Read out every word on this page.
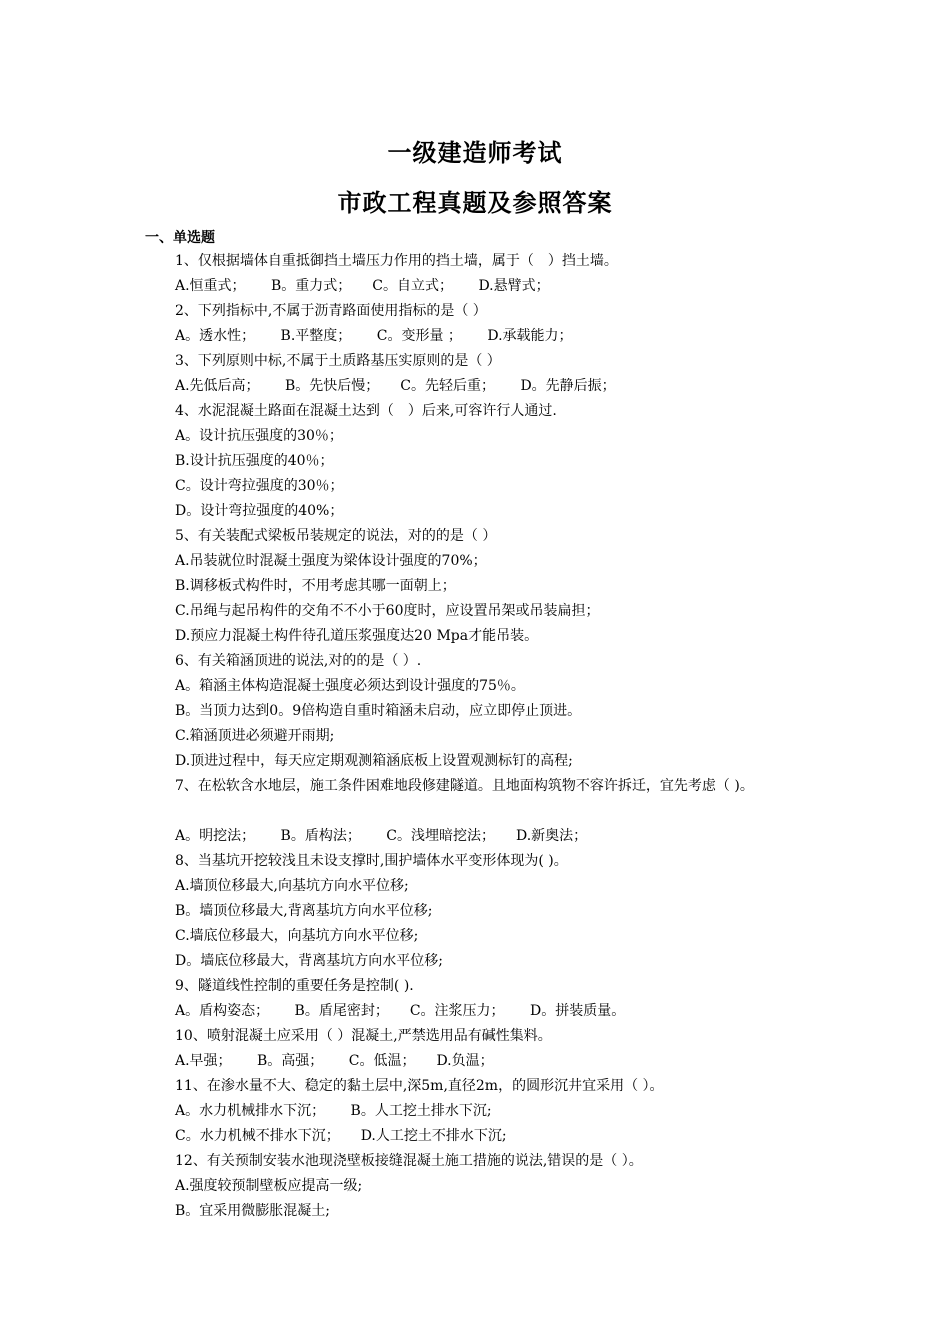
一级建造师考试
市政工程真题及参照答案
一、单选题
1、仅根据墙体自重抵御挡土墙压力作用的挡土墙，属于（　）挡土墙。
A.恒重式；　　 B。重力式；　　C。自立式；　　 D.悬臂式；
2、下列指标中,不属于沥青路面使用指标的是（ ）
A。透水性；　　 B.平整度；　　 C。变形量 ；　　 D.承载能力；
3、下列原则中标,不属于土质路基压实原则的是（ ）
A.先低后高；　　 B。先快后慢；　　C。先轻后重；　　 D。先静后振；
4、水泥混凝土路面在混凝土达到（　）后来,可容许行人通过.
A。设计抗压强度的30％；
B.设计抗压强度的40％；
C。设计弯拉强度的30％；
D。设计弯拉强度的40%；
5、有关装配式梁板吊装规定的说法，对的的是（ ）
A.吊装就位时混凝土强度为梁体设计强度的70%；
B.调移板式构件时，不用考虑其哪一面朝上；
C.吊绳与起吊构件的交角不不小于60度时，应设置吊架或吊装扁担；
D.预应力混凝土构件待孔道压浆强度达20 Mpa才能吊装。
6、有关箱涵顶进的说法,对的的是（ ）.
A。箱涵主体构造混凝土强度必须达到设计强度的75％。
B。当顶力达到0。9倍构造自重时箱涵未启动，应立即停止顶进。
C.箱涵顶进必须避开雨期;
D.顶进过程中，每天应定期观测箱涵底板上设置观测标钉的高程;
7、在松软含水地层，施工条件困难地段修建隧道。且地面构筑物不容许拆迁，宜先考虑（ )。
A。明挖法；　　 B。盾构法；　　 C。浅埋暗挖法；　　D.新奥法；
8、当基坑开挖较浅且未设支撑时,围护墙体水平变形体现为( )。
A.墙顶位移最大,向基坑方向水平位移;
B。墙顶位移最大,背离基坑方向水平位移;
C.墙底位移最大，向基坑方向水平位移;
D。墙底位移最大，背离基坑方向水平位移;
9、隧道线性控制的重要任务是控制( ).
A。盾构姿态；　　 B。盾尾密封；　　C。注浆压力；　　 D。拼装质量。
10、喷射混凝土应采用（ ）混凝土,严禁选用品有碱性集料。
A.早强；　　 B。高强；　　 C。低温；　　D.负温；
11、在渗水量不大、稳定的黏土层中,深5m,直径2m，的圆形沉井宜采用（ ）。
A。水力机械排水下沉；　　 B。人工挖土排水下沉;
C。水力机械不排水下沉；　　D.人工挖土不排水下沉;
12、有关预制安装水池现浇壁板接缝混凝土施工措施的说法,错误的是（ ）。
A.强度较预制壁板应提高一级;
B。宜采用微膨胀混凝土;
